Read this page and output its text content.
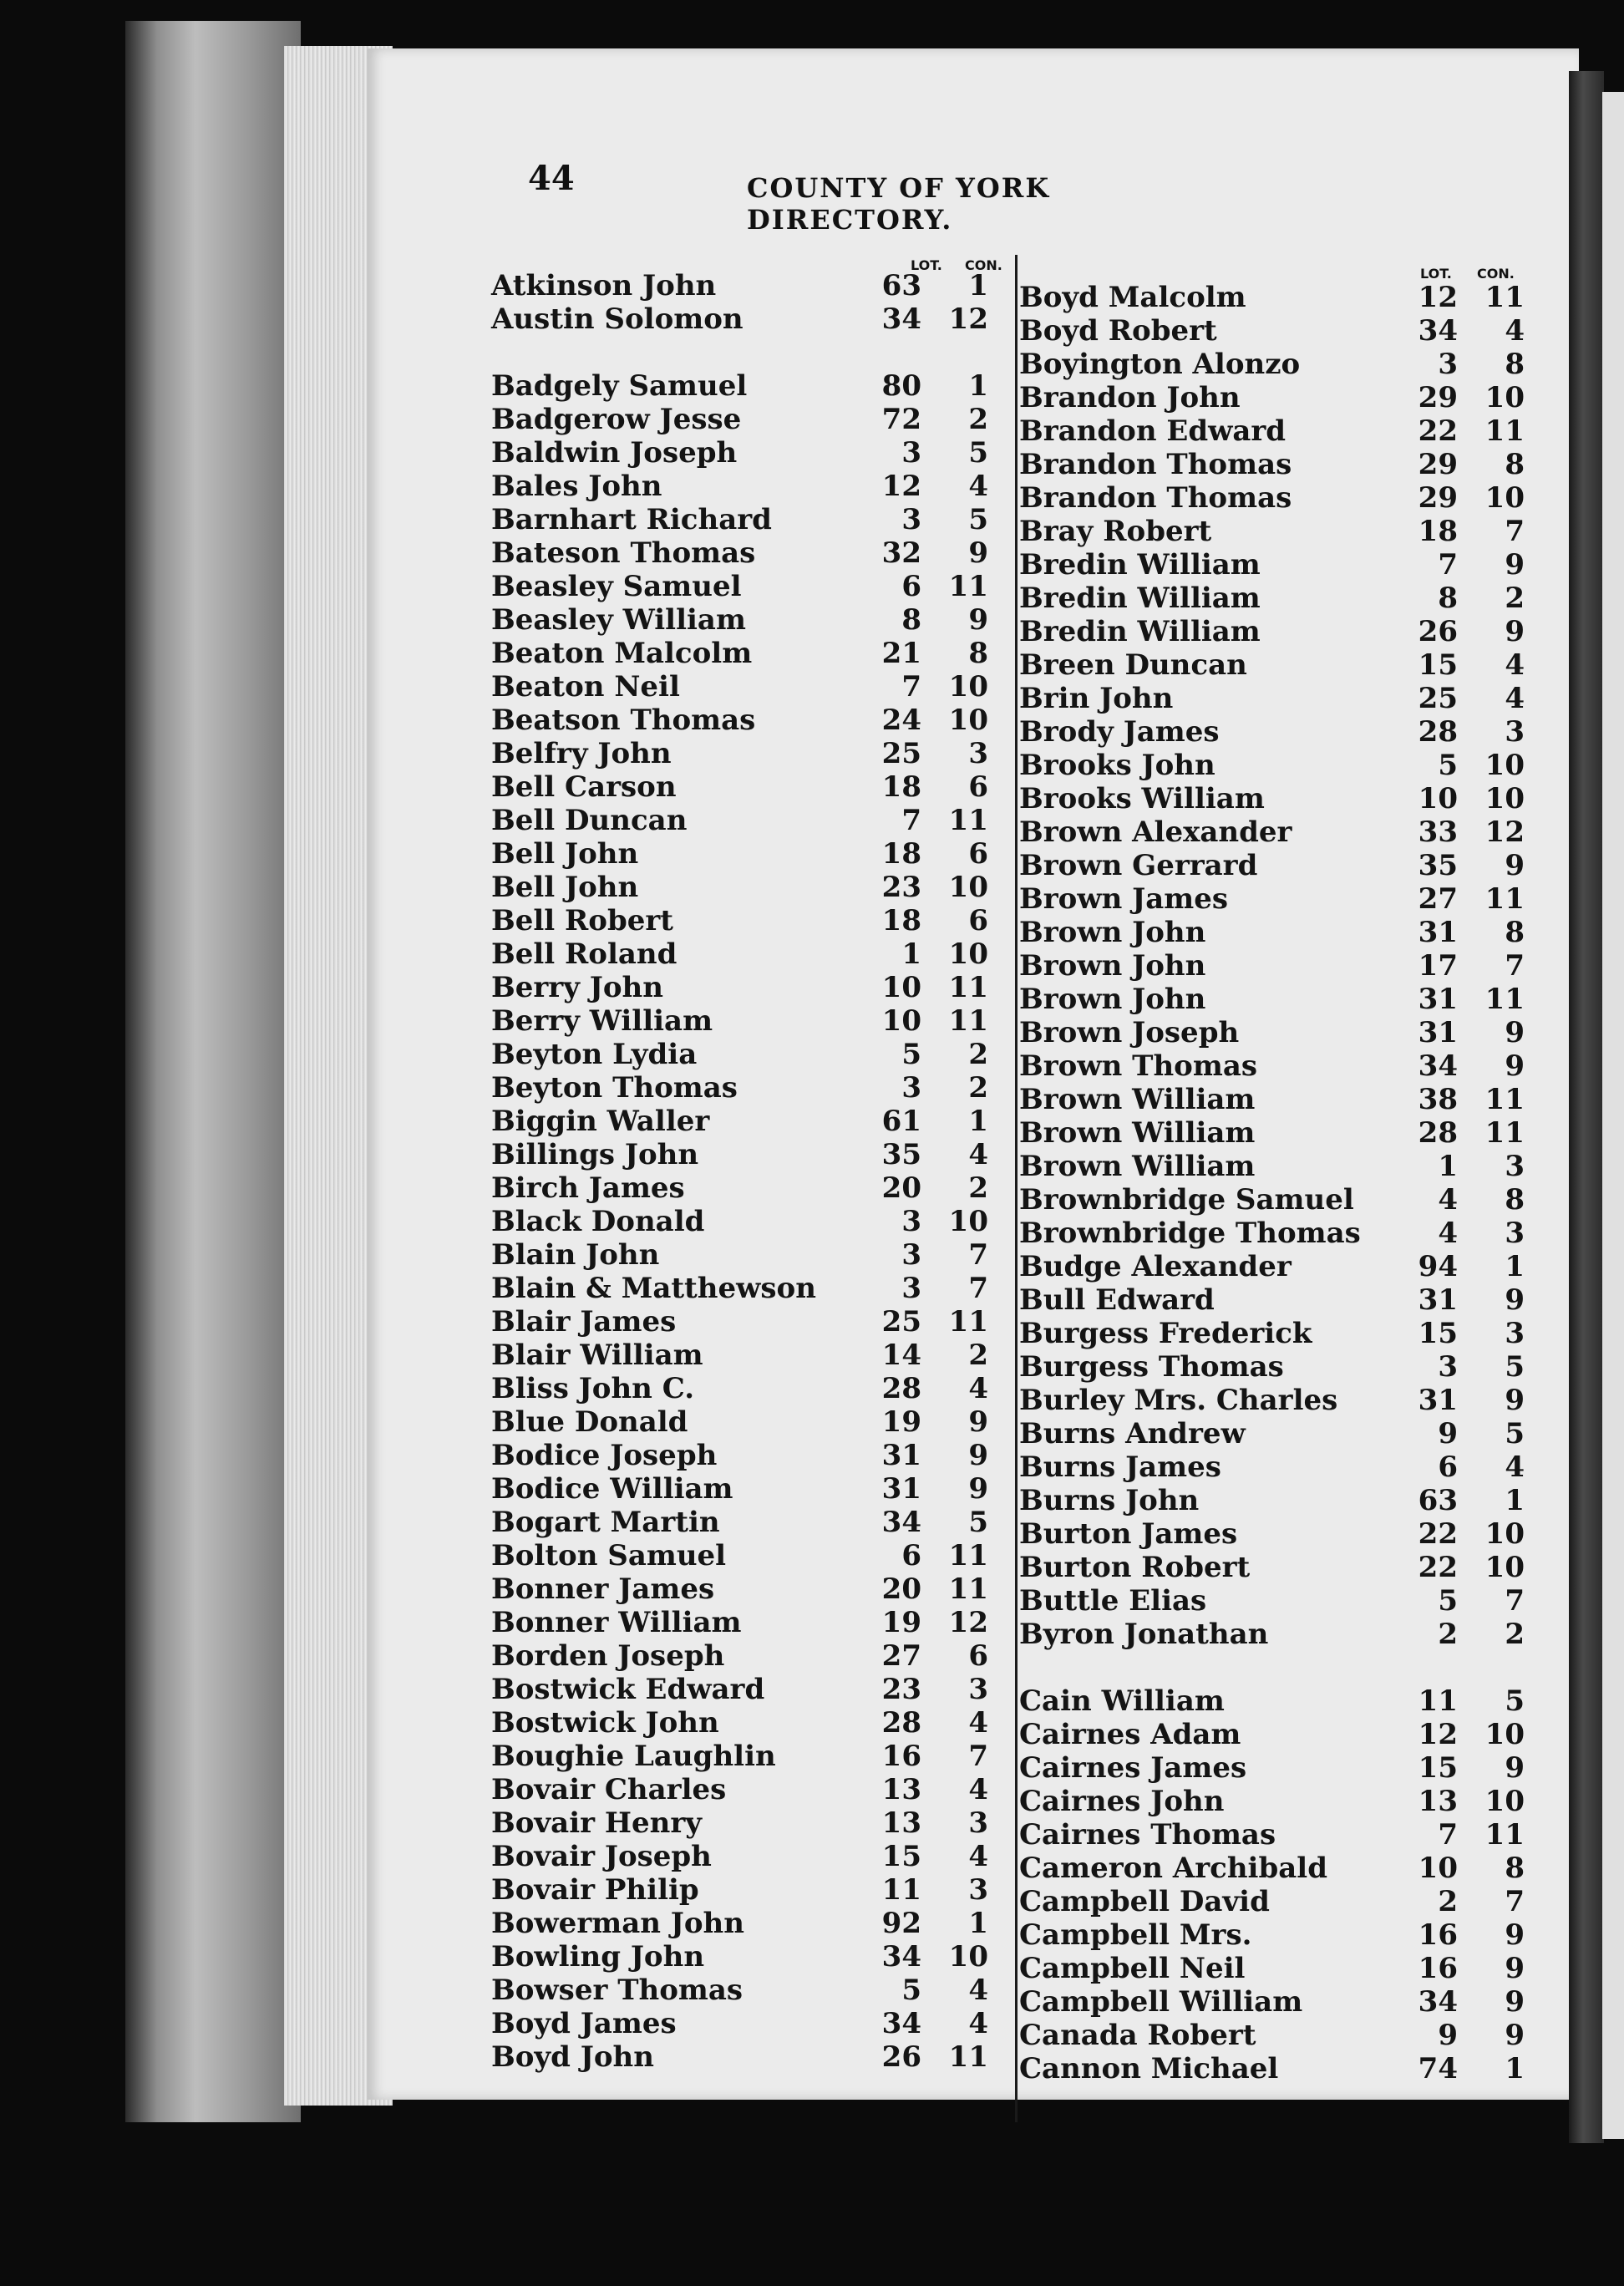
44	COUNTY OF YORK DIRECTORY.
LOT. CON.
LOT. CON.
Atkinson John	63	1
Austin Solomon	34 12
Badgely Samuel	80	1
Badgerow Jesse	72	2
Baldwin Joseph	3	5
Bales John	12	4
Barnhart Richard	3	5
Bateson Thomas	32	9
Beasley Samuel	6 11
Beasley William	8	9
Beaton Malcolm	21	8
Beaton Neil	7 10
Beatson Thomas	24 10
Belfry John	25	3
Bell Carson	18	6
Bell Duncan	7 11
Bell John	18	6
Bell John	23 10
Bell Robert	18	6
Bell Roland	1 10
Berry John	10 11
Berry William	10 11
Beyton Lydia	5	2
Beyton Thomas	3	2
Biggin Waller	61	1
Billings John	35	4
Birch James	20	2
Black Donald	3 10
Blain John	3	7
Blain & Matthewson	3	7
Blair James	25 11
Blair William	14	2
Bliss John C.	28	4
Blue Donald	19	9
Bodice Joseph	31	9
Bodice William	31	9
Bogart Martin	34	5
Bolton Samuel	6 11
Bonner James	20 11
Bonner William	19 12
Borden Joseph	27	6
Bostwick Edward	23	3
Bostwick John	28	4
Boughie Laughlin	16	7
Bovair Charles	13	4
Bovair Henry	13	3
Bovair Joseph	15	4
Bovair Philip	11	3
Bowerman John	92	1
Bowling John	34 10
Bowser Thomas	5	4
Boyd James	34	4
Boyd John	26 11
Boyd Malcolm	12 11
Boyd Robert	34	4
Boyington Alonzo	3	8
Brandon John	29 10
Brandon Edward	22 11
Brandon Thomas	29	8
Brandon Thomas	29 10
Bray Robert	18	7
Bredin William	7	9
Bredin William	8	2
Bredin William	26	9
Breen Duncan	15	4
Brin John	25	4
Brody James	28	3
Brooks John	5 10
Brooks William	10 10
Brown Alexander	33 12
Brown Gerrard	35	9
Brown James	27 11
Brown John	31	8
Brown John	17	7
Brown John	31 11
Brown Joseph	31	9
Brown Thomas	34	9
Brown William	38 11
Brown William	28 11
Brown William	1	3
Brownbridge Samuel	4	8
Brownbridge Thomas	4	3
Budge Alexander	94	1
Bull Edward	31	9
Burgess Frederick	15	3
Burgess Thomas	3	5
Burley Mrs. Charles	31	9
Burns Andrew	9	5
Burns James	6	4
Burns John	63	1
Burton James	22 10
Burton Robert	22 10
Buttle Elias	5	7
Byron Jonathan	2	2
Cain William	11	5
Cairnes Adam	12 10
Cairnes James	15	9
Cairnes John	13 10
Cairnes Thomas	7 11
Cameron Archibald	10	8
Campbell David	2	7
Campbell Mrs.	16	9
Campbell Neil	16	9
Campbell William	34	9
Canada Robert	9	9
Cannon Michael	74	1
